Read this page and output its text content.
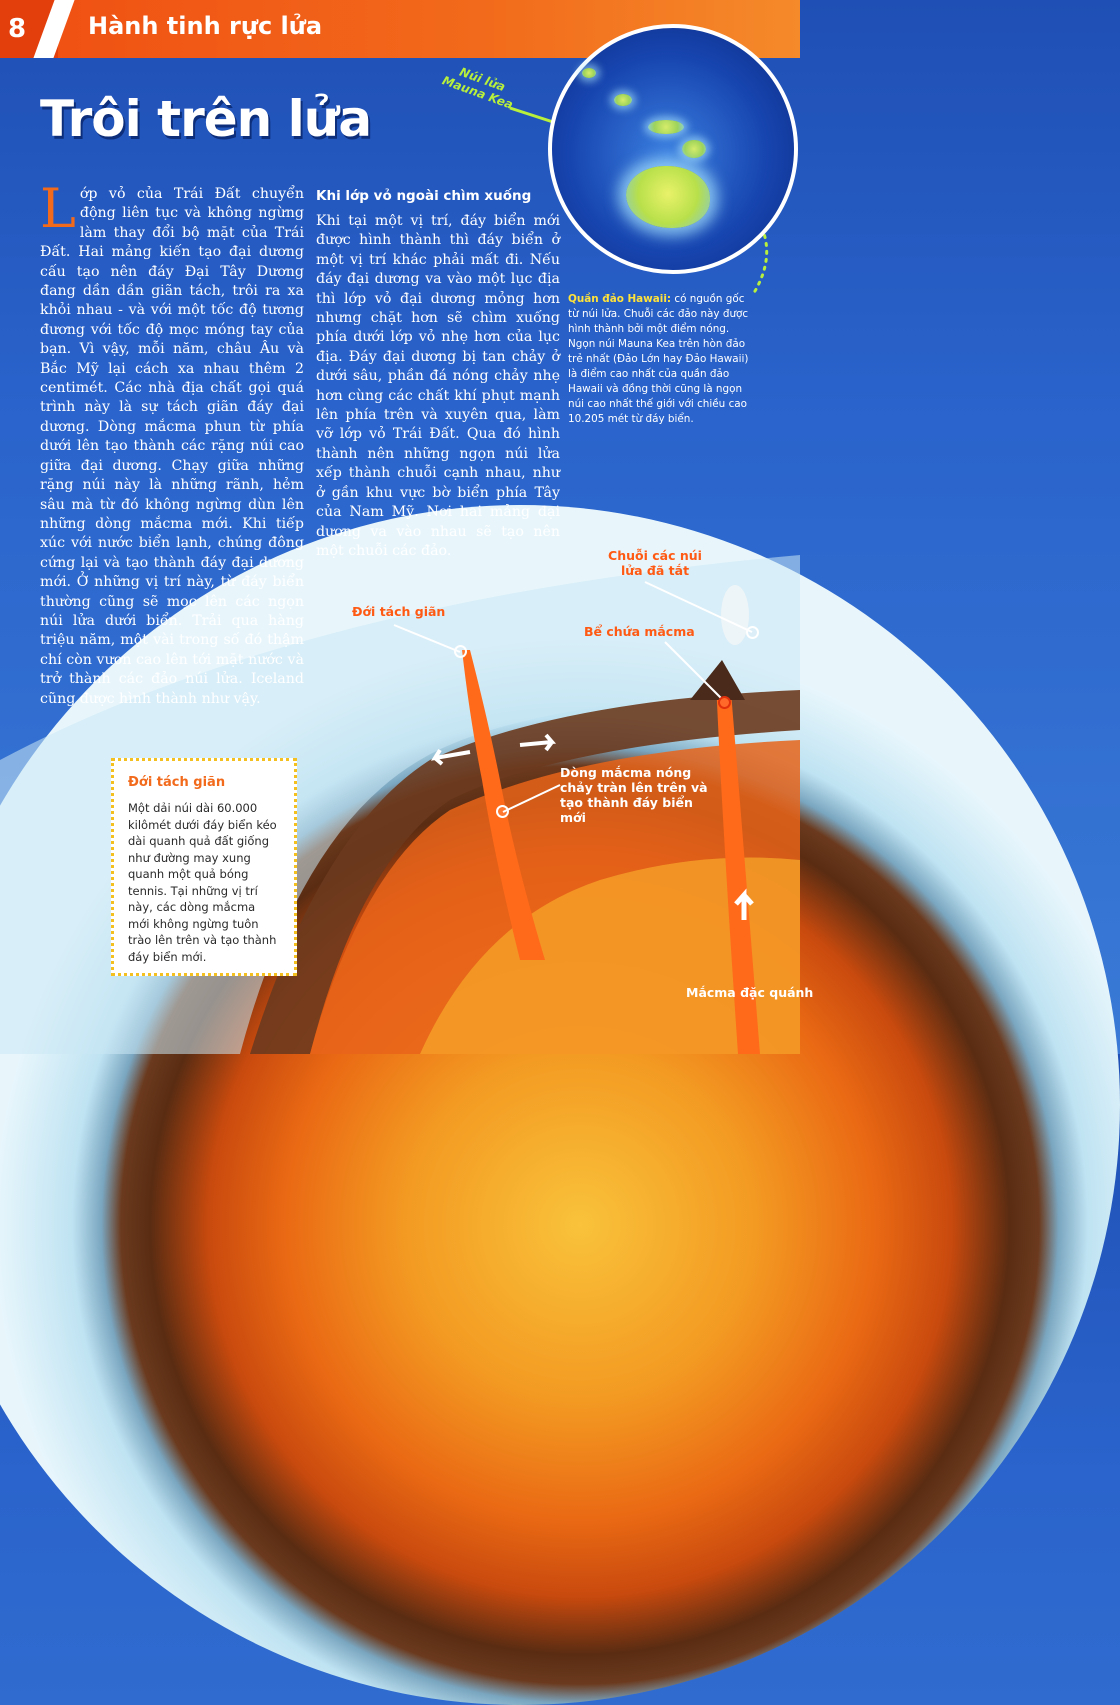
8	Hành tinh rực lửa
Trôi trên lửa
Đới tách giãn
Chuỗi các núi lửa đã tắt
Bể chứa mắcma
Dòng mắcma nóng chảy tràn lên trên và tạo thành đáy biển mới
Mắcma đặc quánh
Lớp vỏ của Trái Đất chuyển động liên tục và không ngừng làm thay đổi bộ mặt của Trái Đất. Hai mảng kiến tạo đại dương cấu tạo nên đáy Đại Tây Dương đang dần dần giãn tách, trôi ra xa khỏi nhau - và với một tốc độ tương đương với tốc độ mọc móng tay của bạn. Vì vậy, mỗi năm, châu Âu và Bắc Mỹ lại cách xa nhau thêm 2 centimét. Các nhà địa chất gọi quá trình này là sự tách giãn đáy đại dương. Dòng mắcma phun từ phía dưới lên tạo thành các rặng núi cao giữa đại dương. Chạy giữa những rặng núi này là những rãnh, hẻm sâu mà từ đó không ngừng dùn lên những dòng mắcma mới. Khi tiếp xúc với nước biển lạnh, chúng đông cứng lại và tạo thành đáy đại dương mới. Ở những vị trí này, từ đáy biển thường cũng sẽ mọc lên các ngọn núi lửa dưới biển. Trải qua hàng triệu năm, một vài trong số đó thậm chí còn vươn cao lên tới mặt nước và trở thành các đảo núi lửa. Iceland cũng được hình thành như vậy.
Khi lớp vỏ ngoài chìm xuống

Khi tại một vị trí, đáy biển mới được hình thành thì đáy biển ở một vị trí khác phải mất đi. Nếu đáy đại dương va vào một lục địa thì lớp vỏ đại dương mỏng hơn nhưng chặt hơn sẽ chìm xuống phía dưới lớp vỏ nhẹ hơn của lục địa. Đáy đại dương bị tan chảy ở dưới sâu, phần đá nóng chảy nhẹ hơn cùng các chất khí phụt mạnh lên phía trên và xuyên qua, làm vỡ lớp vỏ Trái Đất. Qua đó hình thành nên những ngọn núi lửa xếp thành chuỗi cạnh nhau, như ở gần khu vực bờ biển phía Tây của Nam Mỹ. Nơi hai mảng đại dương va vào nhau sẽ tạo nên một chuỗi các đảo.

Núi lửa Mauna Kea
Quần đảo Hawaii: có nguồn gốc từ núi lửa. Chuỗi các đảo này được hình thành bởi một điểm nóng. Ngọn núi Mauna Kea trên hòn đảo trẻ nhất (Đảo Lớn hay Đảo Hawaii) là điểm cao nhất của quần đảo Hawaii và đồng thời cũng là ngọn núi cao nhất thế giới với chiều cao 10.205 mét từ đáy biển.
Đới tách giãn

Một dải núi dài 60.000 kilômét dưới đáy biển kéo dài quanh quả đất giống như đường may xung quanh một quả bóng tennis. Tại những vị trí này, các dòng mắcma mới không ngừng tuôn trào lên trên và tạo thành đáy biển mới.
